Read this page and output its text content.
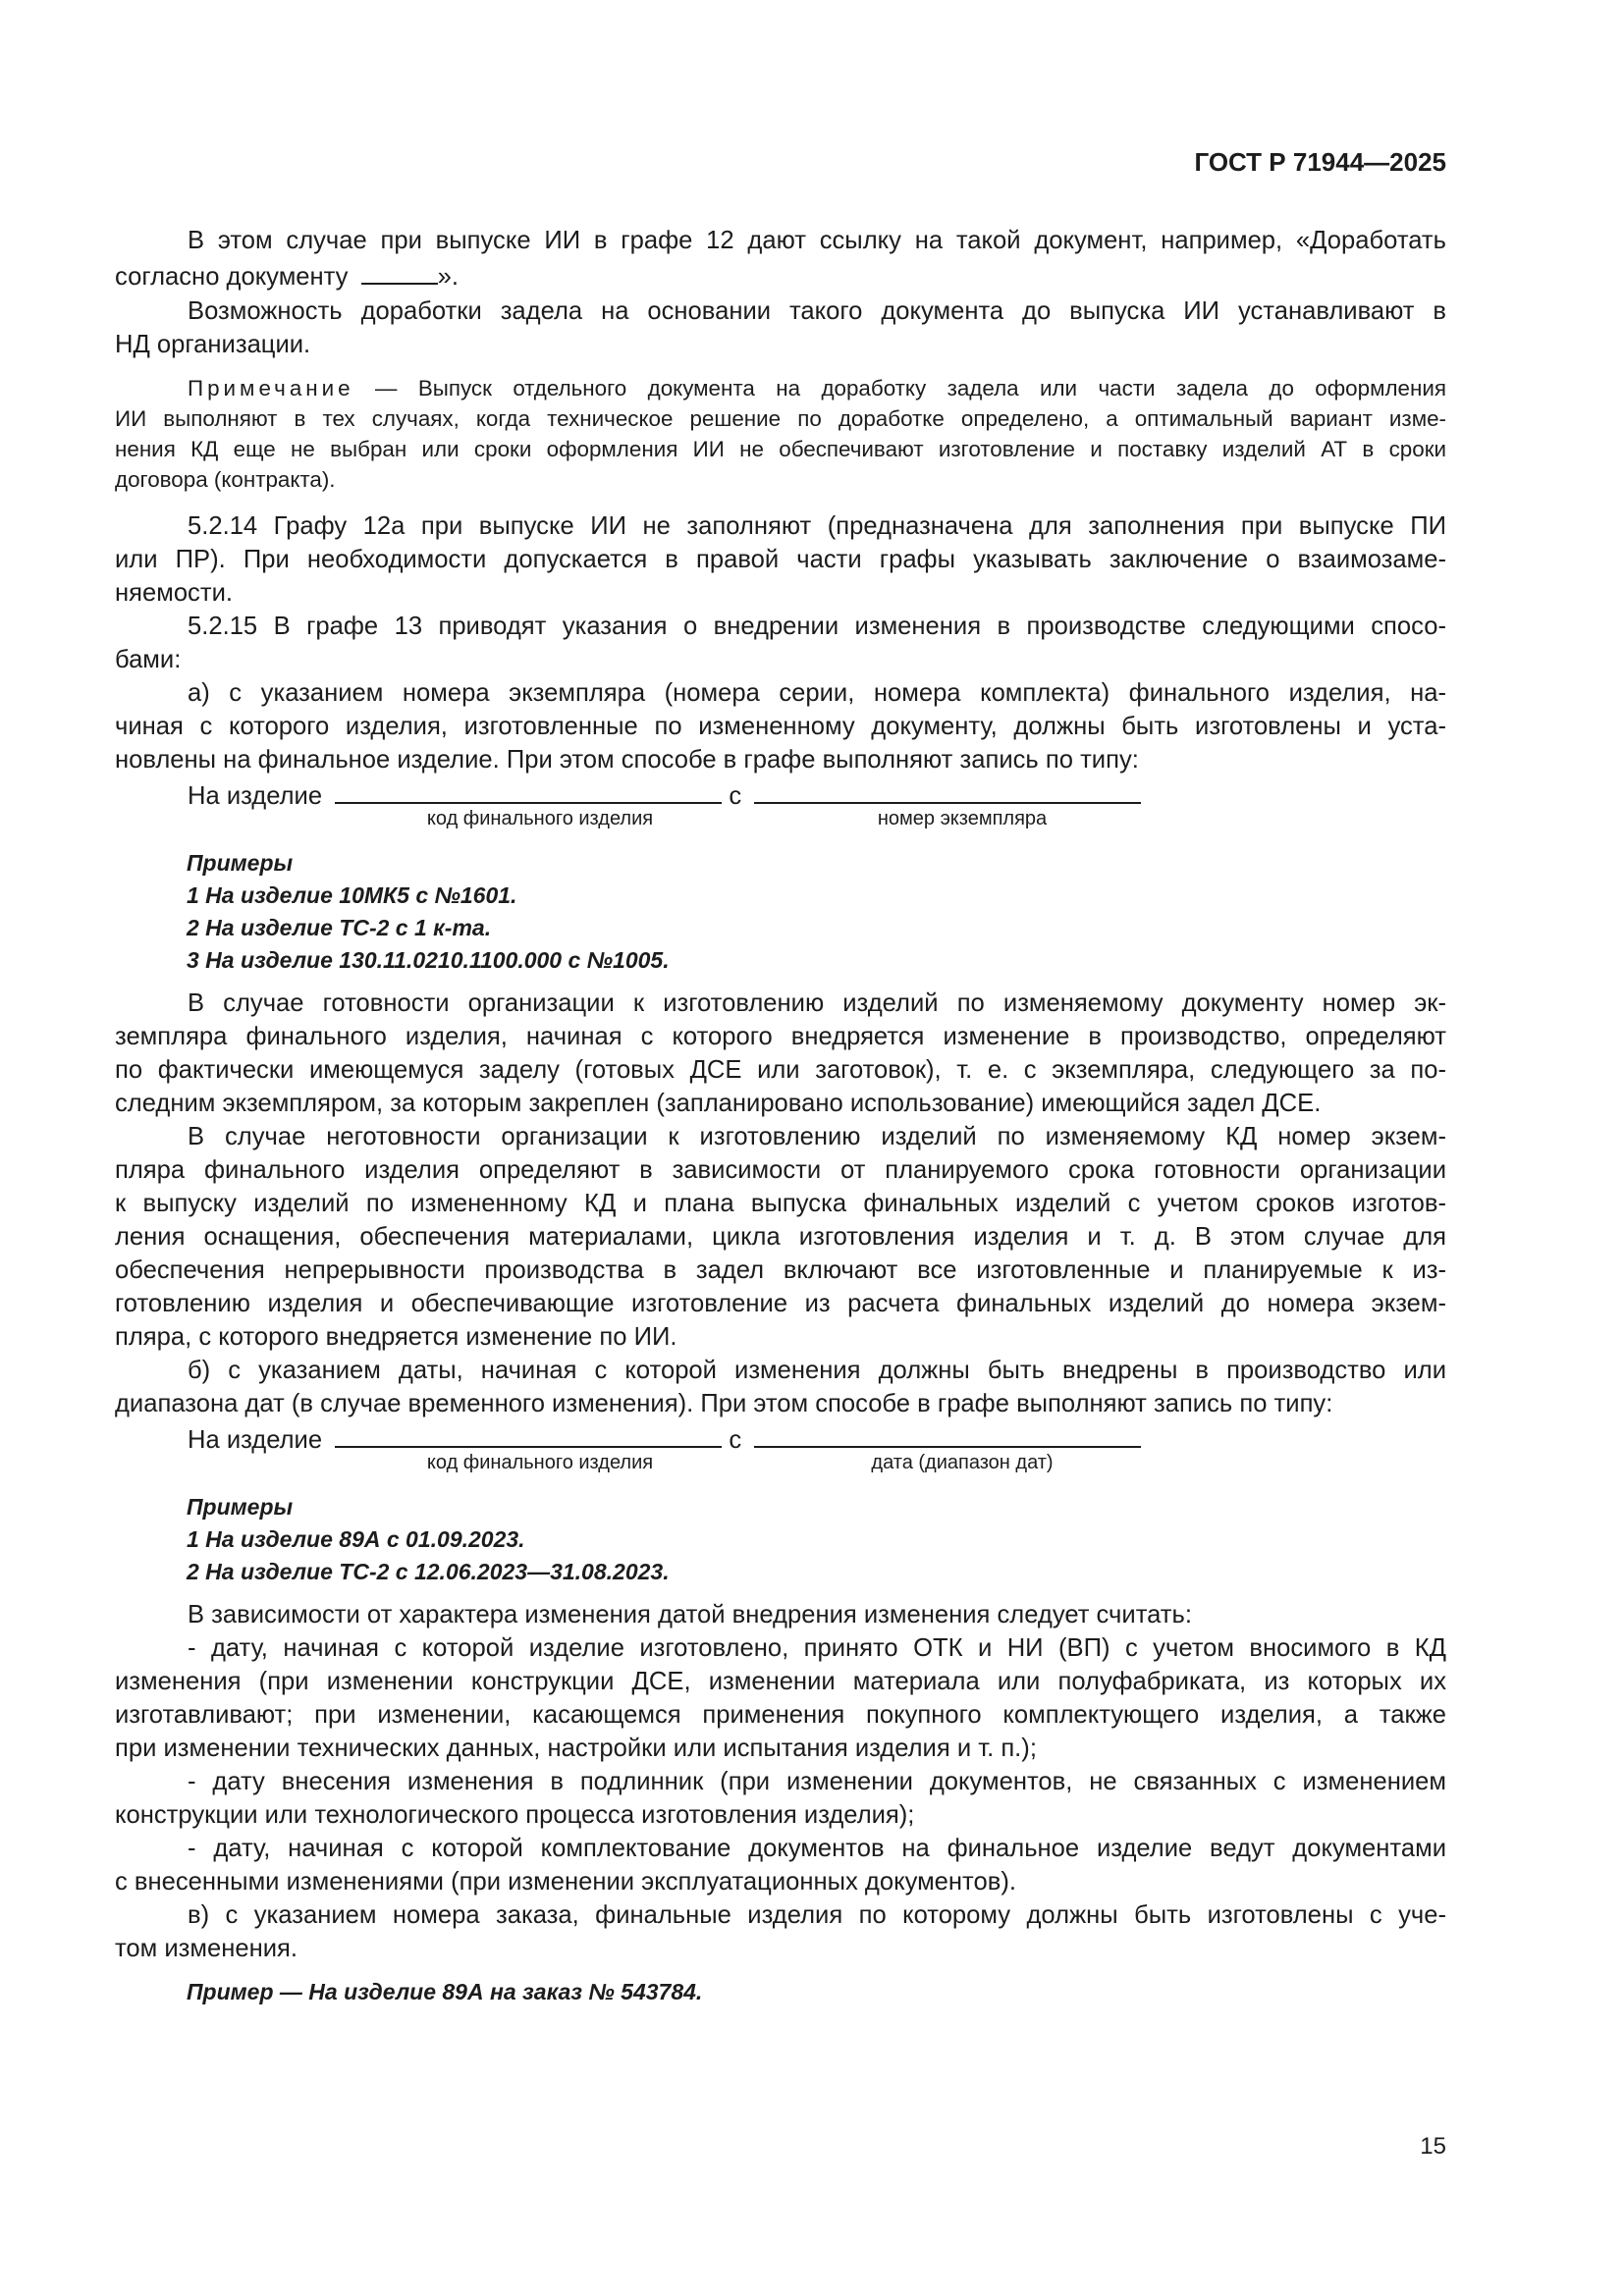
ГОСТ Р 71944—2025
В этом случае при выпуске ИИ в графе 12 дают ссылку на такой документ, например, «Доработать
согласно документу	».
Возможность доработки задела на основании такого документа до выпуска ИИ устанавливают в
НД организации.
Примечание — Выпуск отдельного документа на доработку задела или части задела до оформления
ИИ выполняют в тех случаях, когда техническое решение по доработке определено, а оптимальный вариант изме-
нения КД еще не выбран или сроки оформления ИИ не обеспечивают изготовление и поставку изделий АТ в сроки
договора (контракта).
5.2.14 Графу 12а при выпуске ИИ не заполняют (предназначена для заполнения при выпуске ПИ
или ПР). При необходимости допускается в правой части графы указывать заключение о взаимозаме-
няемости.
5.2.15 В графе 13 приводят указания о внедрении изменения в производстве следующими спосо-
бами:
а) с указанием номера экземпляра (номера серии, номера комплекта) финального изделия, на-
чиная с которого изделия, изготовленные по измененному документу, должны быть изготовлены и уста-
новлены на финальное изделие. При этом способе в графе выполняют запись по типу:
На изделие	с
код финального изделия	номер экземпляра
Примеры
1 На изделие 10МК5 с №1601.
2 На изделие ТС-2 с 1 к-та.
3 На изделие 130.11.0210.1100.000 с №1005.
В случае готовности организации к изготовлению изделий по изменяемому документу номер эк-
земпляра финального изделия, начиная с которого внедряется изменение в производство, определяют
по фактически имеющемуся заделу (готовых ДСЕ или заготовок), т. е. с экземпляра, следующего за по-
следним экземпляром, за которым закреплен (запланировано использование) имеющийся задел ДСЕ.
В случае неготовности организации к изготовлению изделий по изменяемому КД номер экзем-
пляра финального изделия определяют в зависимости от планируемого срока готовности организации
к выпуску изделий по измененному КД и плана выпуска финальных изделий с учетом сроков изготов-
ления оснащения, обеспечения материалами, цикла изготовления изделия и т. д. В этом случае для
обеспечения непрерывности производства в задел включают все изготовленные и планируемые к из-
готовлению изделия и обеспечивающие изготовление из расчета финальных изделий до номера экзем-
пляра, с которого внедряется изменение по ИИ.
б) с указанием даты, начиная с которой изменения должны быть внедрены в производство или
диапазона дат (в случае временного изменения). При этом способе в графе выполняют запись по типу:
На изделие	с
код финального изделия	дата (диапазон дат)
Примеры
1 На изделие 89А с 01.09.2023.
2 На изделие ТС-2 с 12.06.2023—31.08.2023.
В зависимости от характера изменения датой внедрения изменения следует считать:
- дату, начиная с которой изделие изготовлено, принято ОТК и НИ (ВП) с учетом вносимого в КД
изменения (при изменении конструкции ДСЕ, изменении материала или полуфабриката, из которых их
изготавливают; при изменении, касающемся применения покупного комплектующего изделия, а также
при изменении технических данных, настройки или испытания изделия и т. п.);
- дату внесения изменения в подлинник (при изменении документов, не связанных с изменением
конструкции или технологического процесса изготовления изделия);
- дату, начиная с которой комплектование документов на финальное изделие ведут документами
с внесенными изменениями (при изменении эксплуатационных документов).
в) с указанием номера заказа, финальные изделия по которому должны быть изготовлены с уче-
том изменения.
Пример — На изделие 89А на заказ № 543784.
15
